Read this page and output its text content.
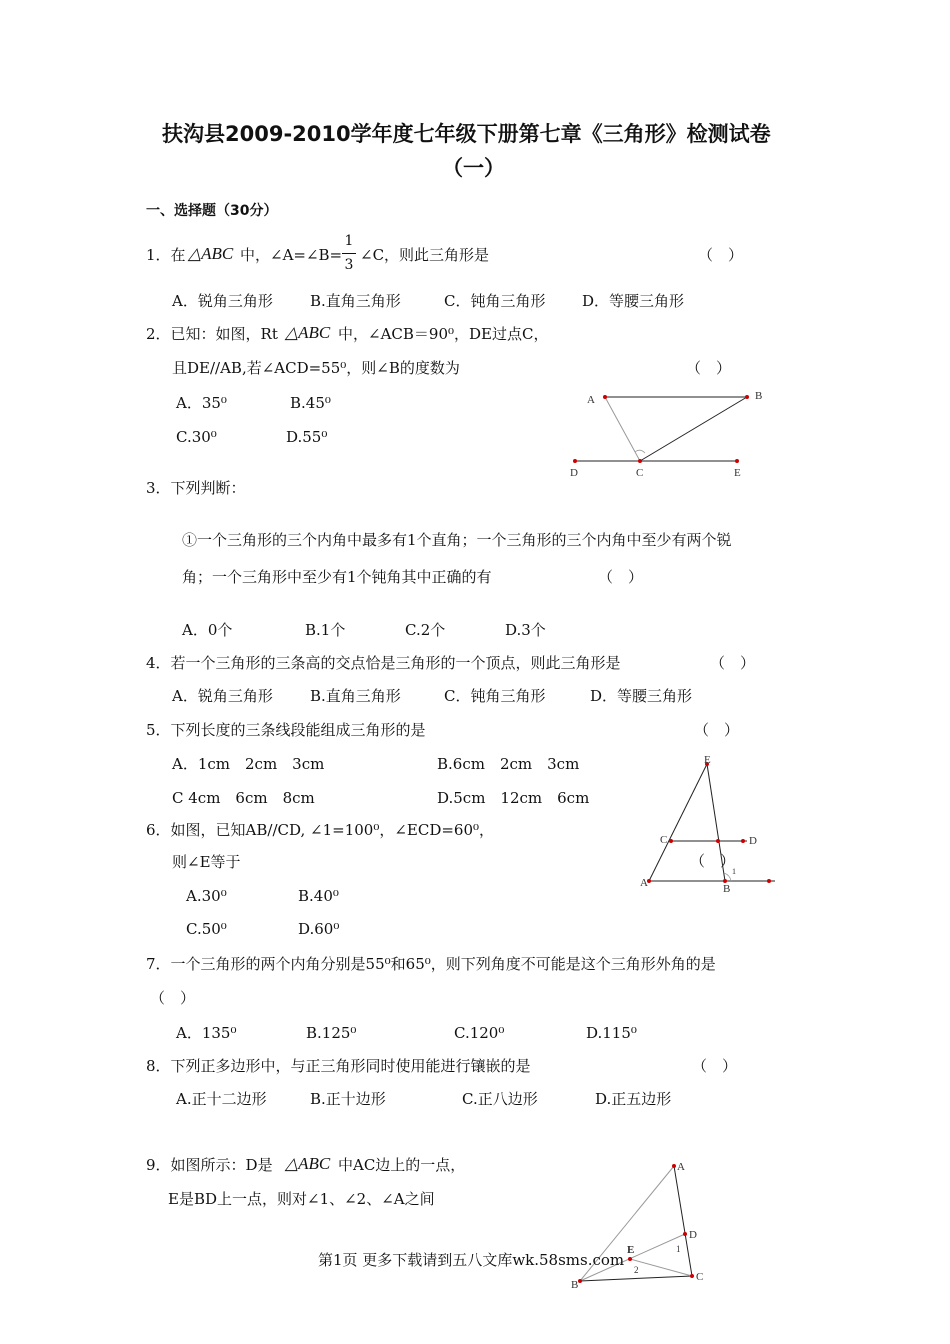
扶沟县2009-2010学年度七年级下册第七章《三角形》检测试卷
（一）
一、选择题（30分）
1．在 △ABC 中，∠A=∠B=
1
3
∠C，则此三角形是	（　）
A．锐角三角形 B.直角三角形	C．钝角三角形 D．等腰三角形
2．已知：如图，Rt △ABC 中，∠ACB＝90⁰，DE过点C，
且DE//AB,若∠ACD=55⁰，则∠B的度数为	（　）
A．35⁰	B.45⁰
C.30⁰	D.55⁰
A	B
D	C	E
3．下列判断：
①一个三角形的三个内角中最多有1个直角；一个三角形的三个内角中至少有两个锐
角；一个三角形中至少有1个钝角其中正确的有	（　）
A．0个	B.1个	C.2个	D.3个
4．若一个三角形的三条高的交点恰是三角形的一个顶点，则此三角形是	（　）
A．锐角三角形 B.直角三角形	C．钝角三角形	D．等腰三角形
5．下列长度的三条线段能组成三角形的是	（　）
A．1cm　2cm　3cm	B.6cm　2cm　3cm
C 4cm　6cm　8cm	D.5cm　12cm　6cm
6．如图，已知AB//CD, ∠1=100⁰，∠ECD=60⁰，
则∠E等于	（　）
A.30⁰	B.40⁰
C.50⁰	D.60⁰
E
C	D
A	B
1
7．一个三角形的两个内角分别是55⁰和65⁰，则下列角度不可能是这个三角形外角的是
（　）
A．135⁰	B.125⁰	C.120⁰	D.115⁰
8．下列正多边形中，与正三角形同时使用能进行镶嵌的是	（　）
A.正十二边形	B.正十边形	C.正八边形	D.正五边形
9．如图所示：D是 △ABC 中AC边上的一点，
E是BD上一点，则对∠1、∠2、∠A之间
A
D
E	1
2
B
C
第1页 更多下载请到五八文库wk.58sms.com
